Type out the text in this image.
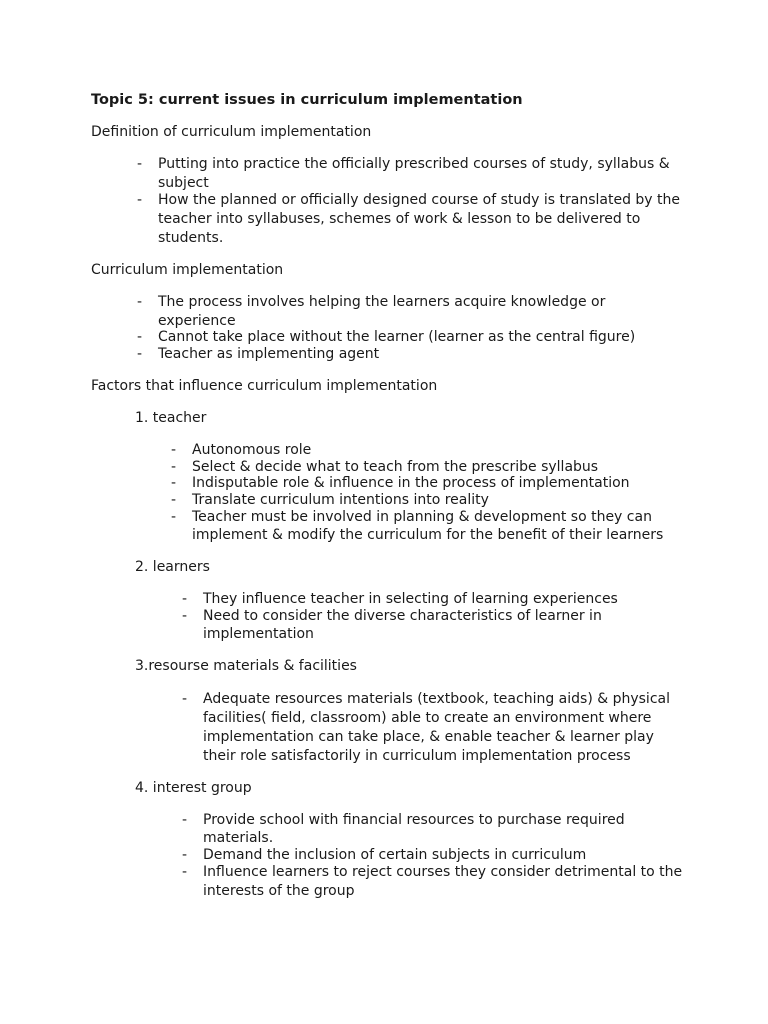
Topic 5: current issues in curriculum implementation
Definition of curriculum implementation
- Putting into practice the officially prescribed courses of study, syllabus &
subject
- How the planned or officially designed course of study is translated by the
teacher into syllabuses, schemes of work & lesson to be delivered to
students.
Curriculum implementation
- The process involves helping the learners acquire knowledge or
experience
- Cannot take place without the learner (learner as the central figure)
- Teacher as implementing agent
Factors that influence curriculum implementation
1. teacher
- Autonomous role
- Select & decide what to teach from the prescribe syllabus
- Indisputable role & influence in the process of implementation
- Translate curriculum intentions into reality
- Teacher must be involved in planning & development so they can
implement & modify the curriculum for the benefit of their learners
2. learners
- They influence teacher in selecting of learning experiences
- Need to consider the diverse characteristics of learner in
implementation
3.resourse materials & facilities
- Adequate resources materials (textbook, teaching aids) & physical
facilities( field, classroom) able to create an environment where
implementation can take place, & enable teacher & learner play
their role satisfactorily in curriculum implementation process
4. interest group
- Provide school with financial resources to purchase required
materials.
- Demand the inclusion of certain subjects in curriculum
- Influence learners to reject courses they consider detrimental to the
interests of the group
